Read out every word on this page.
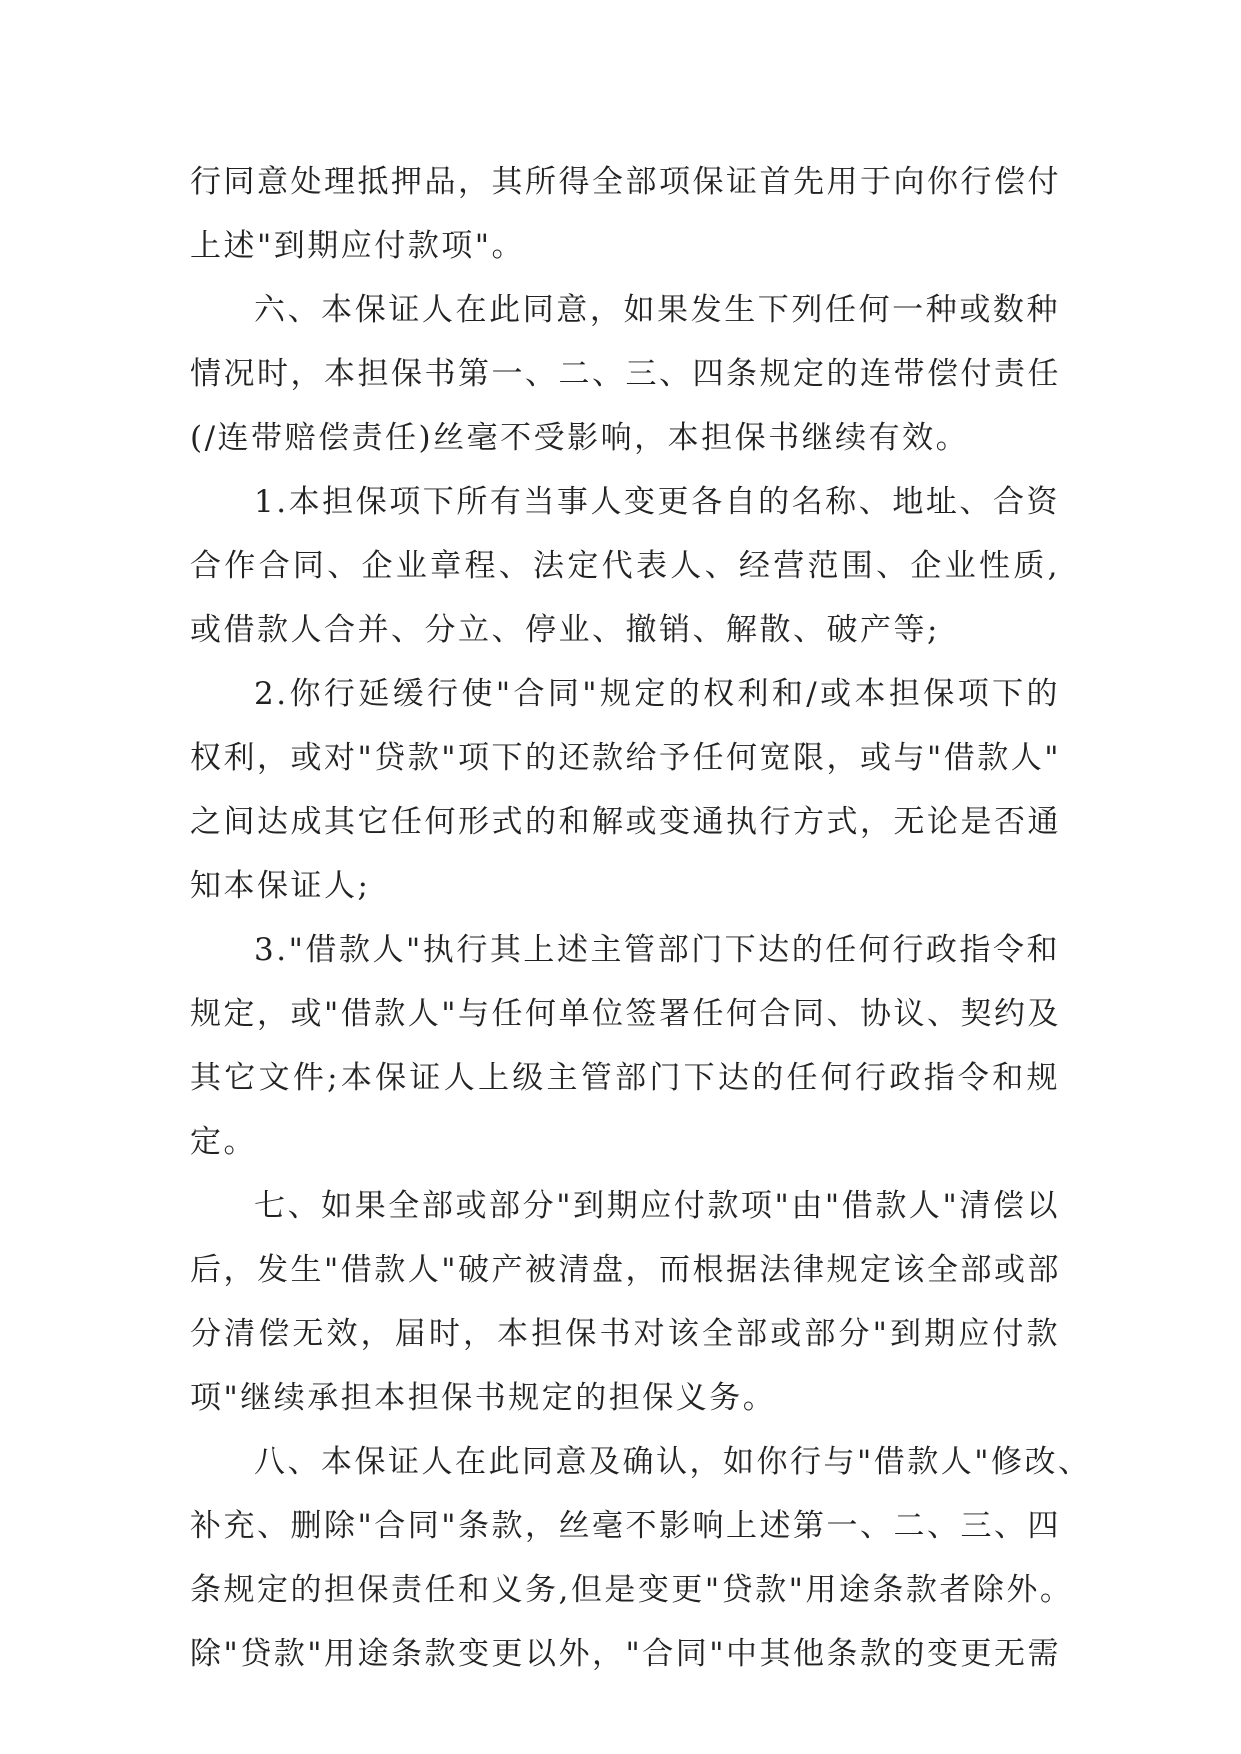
行同意处理抵押品，其所得全部项保证首先用于向你行偿付
上述"到期应付款项"。
六、本保证人在此同意，如果发生下列任何一种或数种
情况时，本担保书第一、二、三、四条规定的连带偿付责任
(/连带赔偿责任)丝毫不受影响，本担保书继续有效。
1.本担保项下所有当事人变更各自的名称、地址、合资
合作合同、企业章程、法定代表人、经营范围、企业性质,
或借款人合并、分立、停业、撤销、解散、破产等;
2.你行延缓行使"合同"规定的权利和/或本担保项下的
权利，或对"贷款"项下的还款给予任何宽限，或与"借款人"
之间达成其它任何形式的和解或变通执行方式，无论是否通
知本保证人;
3."借款人"执行其上述主管部门下达的任何行政指令和
规定，或"借款人"与任何单位签署任何合同、协议、契约及
其它文件;本保证人上级主管部门下达的任何行政指令和规
定。
七、如果全部或部分"到期应付款项"由"借款人"清偿以
后，发生"借款人"破产被清盘，而根据法律规定该全部或部
分清偿无效，届时，本担保书对该全部或部分"到期应付款
项"继续承担本担保书规定的担保义务。
八、本保证人在此同意及确认，如你行与"借款人"修改、
补充、删除"合同"条款，丝毫不影响上述第一、二、三、四
条规定的担保责任和义务,但是变更"贷款"用途条款者除外。
除"贷款"用途条款变更以外，"合同"中其他条款的变更无需
